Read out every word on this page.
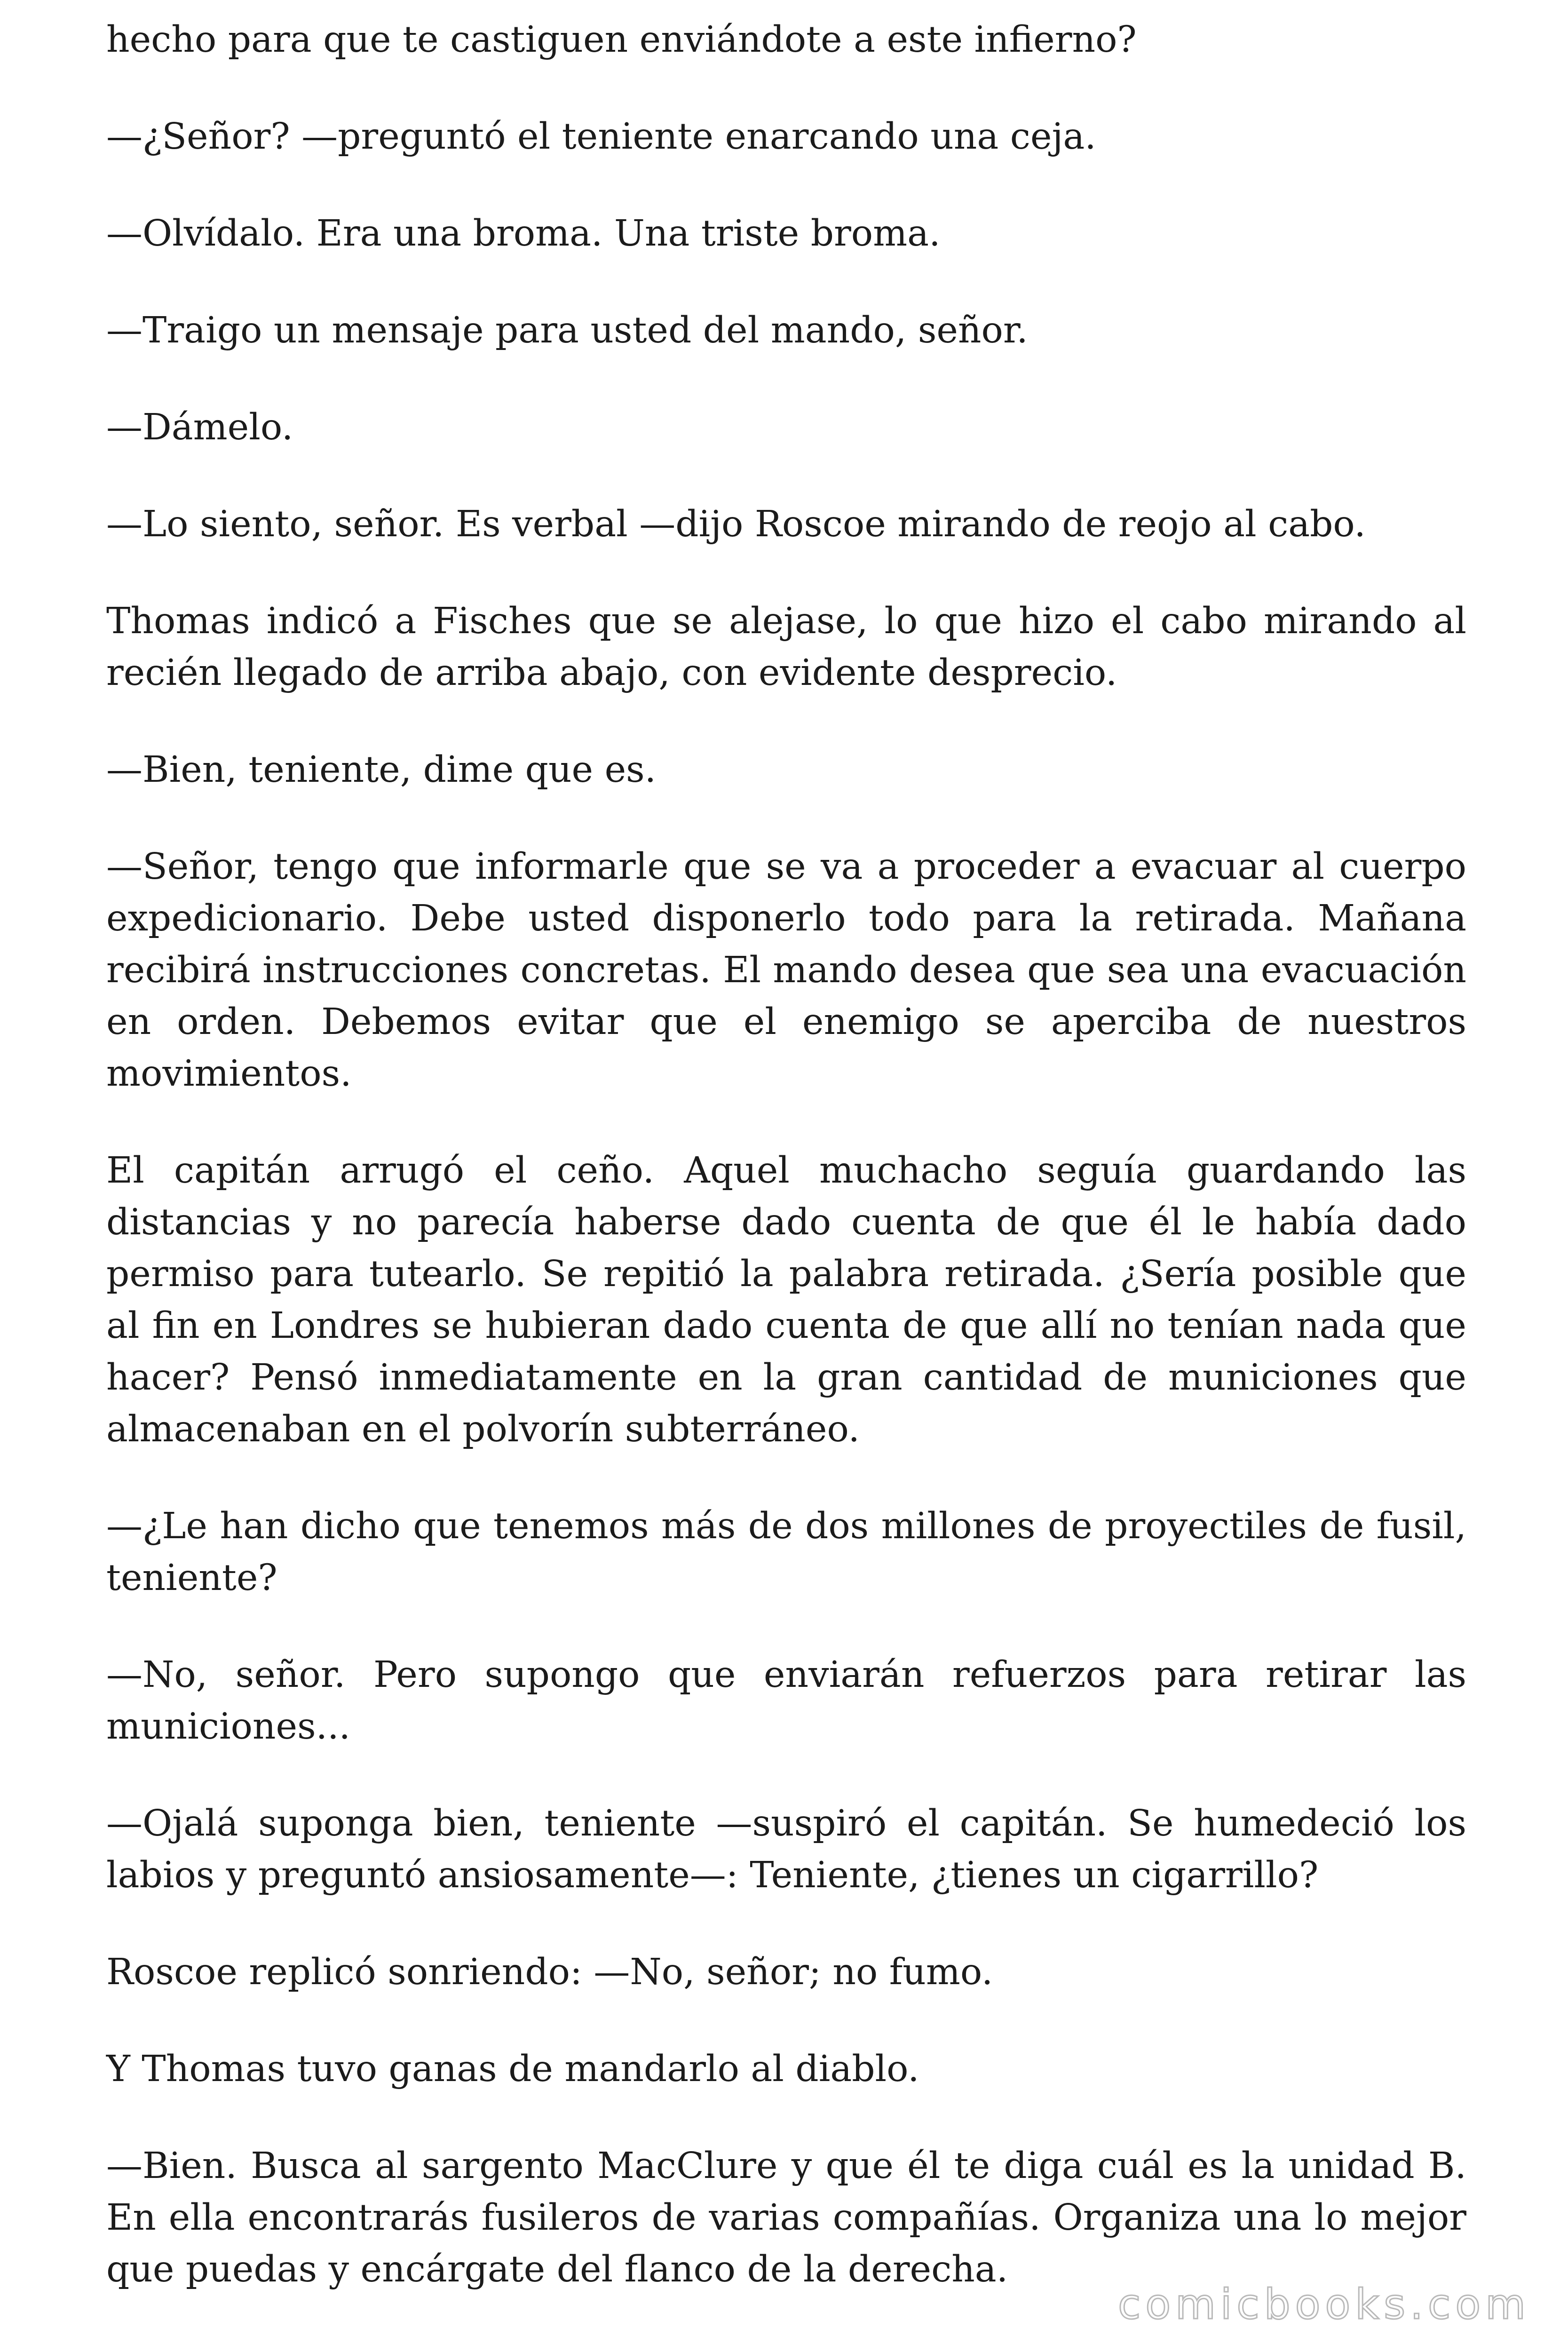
hecho para que te castiguen enviándote a este infierno?

—¿Señor? —preguntó el teniente enarcando una ceja.

—Olvídalo. Era una broma. Una triste broma.

—Traigo un mensaje para usted del mando, señor.

—Dámelo.

—Lo siento, señor. Es verbal —dijo Roscoe mirando de reojo al cabo.

Thomas indicó a Fisches que se alejase, lo que hizo el cabo mirando al recién llegado de arriba abajo, con evidente desprecio.

—Bien, teniente, dime que es.

—Señor, tengo que informarle que se va a proceder a evacuar al cuerpo expedicionario. Debe usted disponerlo todo para la retirada. Mañana recibirá instrucciones concretas. El mando desea que sea una evacuación en orden. Debemos evitar que el enemigo se aperciba de nuestros movimientos.

El capitán arrugó el ceño. Aquel muchacho seguía guardando las distancias y no parecía haberse dado cuenta de que él le había dado permiso para tutearlo. Se repitió la palabra retirada. ¿Sería posible que al fin en Londres se hubieran dado cuenta de que allí no tenían nada que hacer? Pensó inmediatamente en la gran cantidad de municiones que almacenaban en el polvorín subterráneo.

—¿Le han dicho que tenemos más de dos millones de proyectiles de fusil, teniente?

—No, señor. Pero supongo que enviarán refuerzos para retirar las municiones...

—Ojalá suponga bien, teniente —suspiró el capitán. Se humedeció los labios y preguntó ansiosamente—: Teniente, ¿tienes un cigarrillo?

Roscoe replicó sonriendo: —No, señor; no fumo.

Y Thomas tuvo ganas de mandarlo al diablo.

—Bien. Busca al sargento MacClure y que él te diga cuál es la unidad B. En ella encontrarás fusileros de varias compañías. Organiza una lo mejor que puedas y encárgate del flanco de la derecha.

comicbooks.com
